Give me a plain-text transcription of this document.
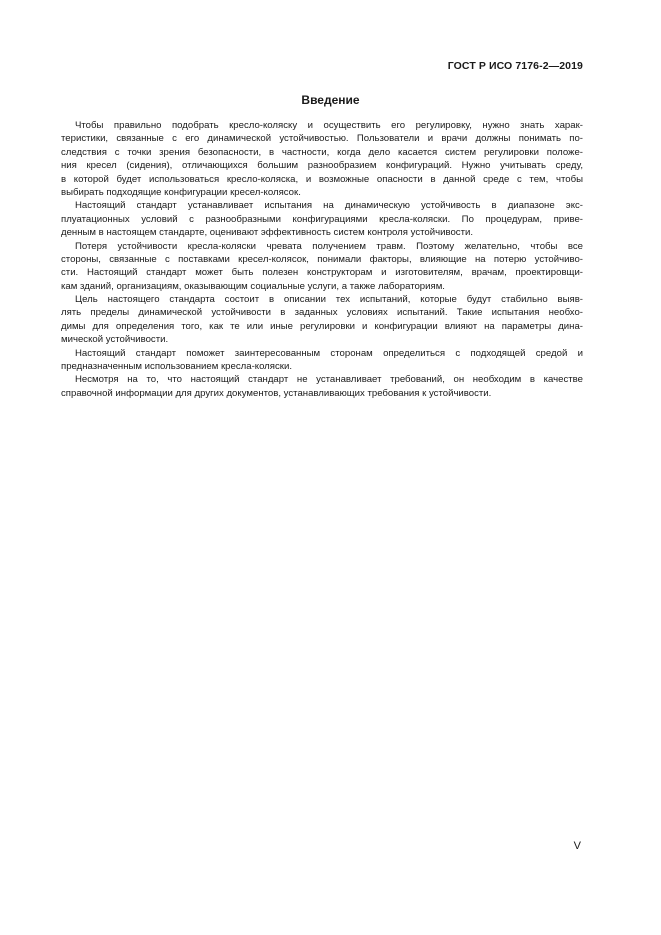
ГОСТ Р ИСО 7176-2—2019
Введение

Чтобы правильно подобрать кресло-коляску и осуществить его регулировку, нужно знать харак-
теристики, связанные с его динамической устойчивостью. Пользователи и врачи должны понимать по-
следствия с точки зрения безопасности, в частности, когда дело касается систем регулировки положе-
ния кресел (сидения), отличающихся большим разнообразием конфигураций. Нужно учитывать среду,
в которой будет использоваться кресло-коляска, и возможные опасности в данной среде с тем, чтобы
выбирать подходящие конфигурации кресел-колясок.

Настоящий стандарт устанавливает испытания на динамическую устойчивость в диапазоне экс-
плуатационных условий с разнообразными конфигурациями кресла-коляски. По процедурам, приве-
денным в настоящем стандарте, оценивают эффективность систем контроля устойчивости.

Потеря устойчивости кресла-коляски чревата получением травм. Поэтому желательно, чтобы все
стороны, связанные с поставками кресел-колясок, понимали факторы, влияющие на потерю устойчиво-
сти. Настоящий стандарт может быть полезен конструкторам и изготовителям, врачам, проектировщи-
кам зданий, организациям, оказывающим социальные услуги, а также лабораториям.

Цель настоящего стандарта состоит в описании тех испытаний, которые будут стабильно выяв-
лять пределы динамической устойчивости в заданных условиях испытаний. Такие испытания необхо-
димы для определения того, как те или иные регулировки и конфигурации влияют на параметры дина-
мической устойчивости.

Настоящий стандарт поможет заинтересованным сторонам определиться с подходящей средой и
предназначенным использованием кресла-коляски.

Несмотря на то, что настоящий стандарт не устанавливает требований, он необходим в качестве
справочной информации для других документов, устанавливающих требования к устойчивости.

V
